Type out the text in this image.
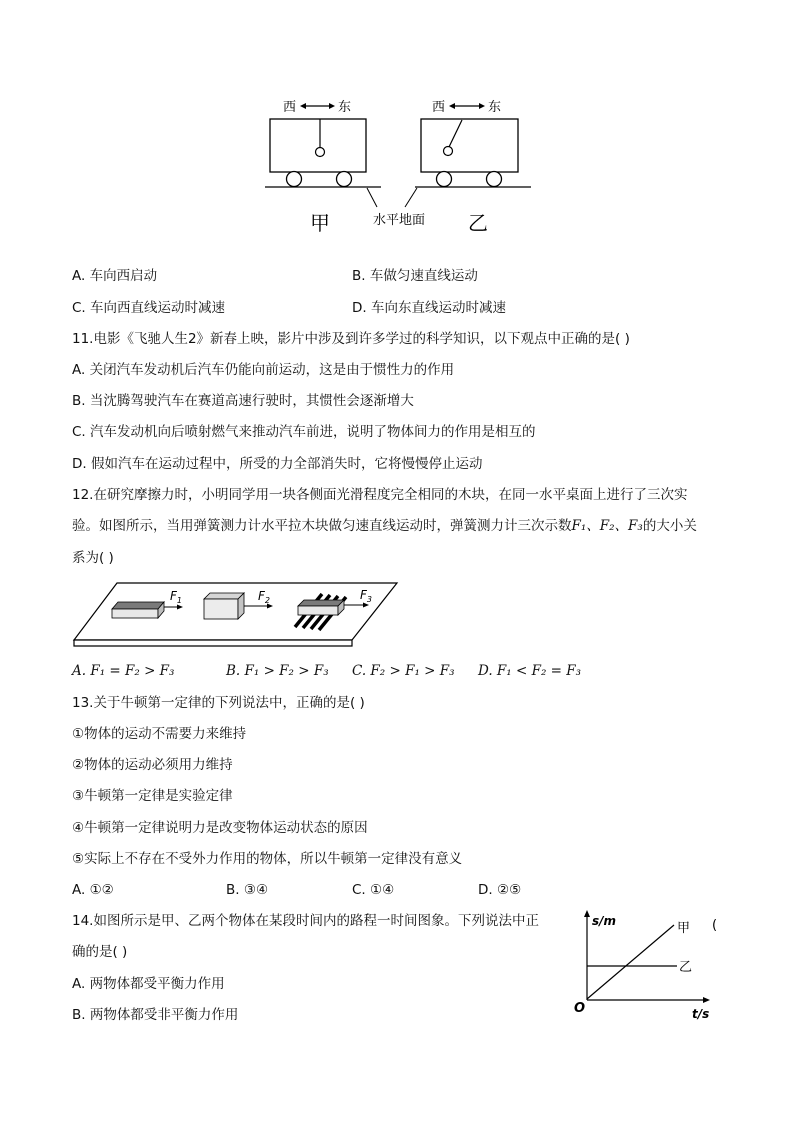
西	东	西	东
甲	水平地面 乙
A. 车向西启动	B. 车做匀速直线运动
C. 车向西直线运动时减速	D. 车向东直线运动时减速
11.电影《飞驰人生2》新春上映，影片中涉及到许多学过的科学知识，以下观点中正确的是( )
A. 关闭汽车发动机后汽车仍能向前运动，这是由于惯性力的作用
B. 当沈腾驾驶汽车在赛道高速行驶时，其惯性会逐渐增大
C. 汽车发动机向后喷射燃气来推动汽车前进，说明了物体间力的作用是相互的
D. 假如汽车在运动过程中，所受的力全部消失时，它将慢慢停止运动
12.在研究摩擦力时，小明同学用一块各侧面光滑程度完全相同的木块，在同一水平桌面上进行了三次实
验。如图所示，当用弹簧测力计水平拉木块做匀速直线运动时，弹簧测力计三次示数F₁、F₂、F₃的大小关
系为( )
$F_1$	$F_2$	$F_3$
A. F₁ = F₂ > F₃	B. F₁ > F₂ > F₃ C. F₂ > F₁ > F₃ D. F₁ < F₂ = F₃
13.关于牛顿第一定律的下列说法中，正确的是( )
①物体的运动不需要力来维持
②物体的运动必须用力维持
③牛顿第一定律是实验定律
④牛顿第一定律说明力是改变物体运动状态的原因
⑤实际上不存在不受外力作用的物体，所以牛顿第一定律没有意义
A. ①②	B. ③④	C. ①④	D. ②⑤
14.如图所示是甲、乙两个物体在某段时间内的路程一时间图象。下列说法中正
确的是( )
A. 两物体都受平衡力作用
B. 两物体都受非平衡力作用
s/m
t/s
O
甲
乙
(
